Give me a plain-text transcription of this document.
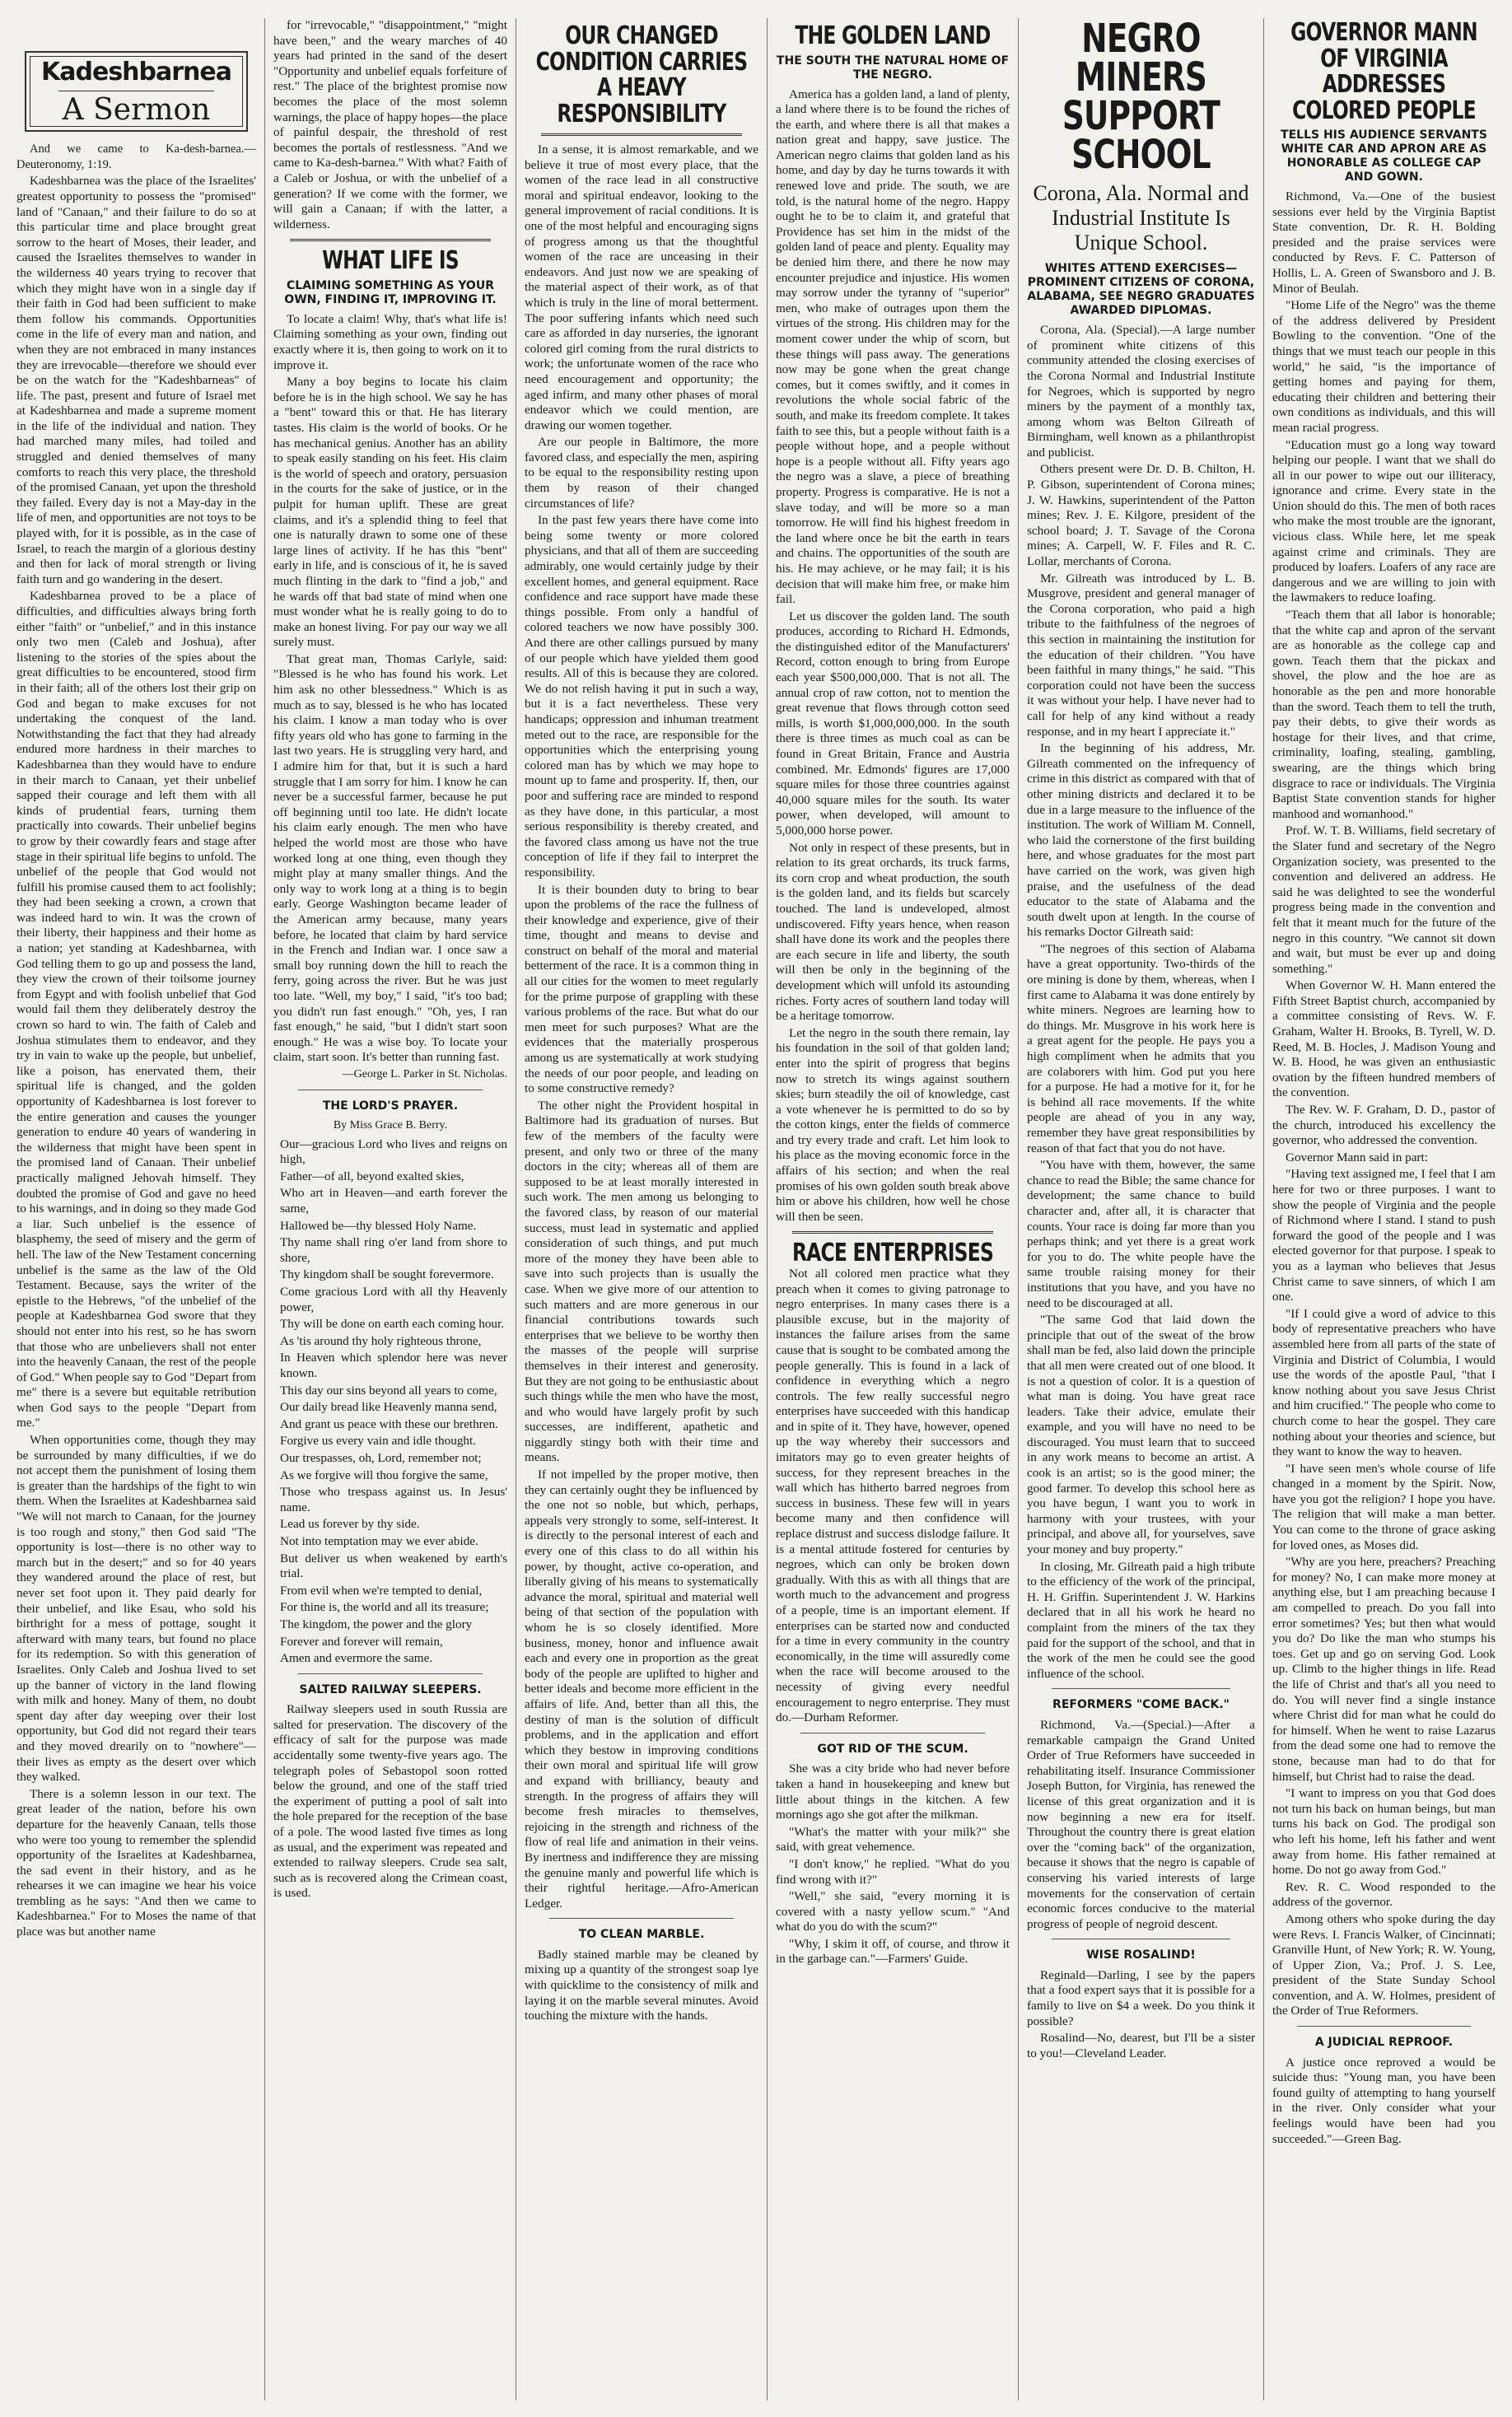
Kadeshbarnea
A Sermon

And we came to Ka-desh-barnea.—Deuteronomy, 1:19.

Kadeshbarnea was the place of the Israelites' greatest opportunity to possess the "promised" land of "Canaan," and their failure to do so at this particular time and place brought great sorrow to the heart of Moses, their leader, and caused the Israelites themselves to wander in the wilderness 40 years trying to recover that which they might have won in a single day if their faith in God had been sufficient to make them follow his commands. Opportunities come in the life of every man and nation, and when they are not embraced in many instances they are irrevocable—therefore we should ever be on the watch for the "Kadeshbarneas" of life. The past, present and future of Israel met at Kadeshbarnea and made a supreme moment in the life of the individual and nation. They had marched many miles, had toiled and struggled and denied themselves of many comforts to reach this very place, the threshold of the promised Canaan, yet upon the threshold they failed. Every day is not a May-day in the life of men, and opportunities are not toys to be played with, for it is possible, as in the case of Israel, to reach the margin of a glorious destiny and then for lack of moral strength or living faith turn and go wandering in the desert.

Kadeshbarnea proved to be a place of difficulties, and difficulties always bring forth either "faith" or "unbelief," and in this instance only two men (Caleb and Joshua), after listening to the stories of the spies about the great difficulties to be encountered, stood firm in their faith; all of the others lost their grip on God and began to make excuses for not undertaking the conquest of the land. Notwithstanding the fact that they had already endured more hardness in their marches to Kadeshbarnea than they would have to endure in their march to Canaan, yet their unbelief sapped their courage and left them with all kinds of prudential fears, turning them practically into cowards. Their unbelief begins to grow by their cowardly fears and stage after stage in their spiritual life begins to unfold. The unbelief of the people that God would not fulfill his promise caused them to act foolishly; they had been seeking a crown, a crown that was indeed hard to win. It was the crown of their liberty, their happiness and their home as a nation; yet standing at Kadeshbarnea, with God telling them to go up and possess the land, they view the crown of their toilsome journey from Egypt and with foolish unbelief that God would fail them they deliberately destroy the crown so hard to win. The faith of Caleb and Joshua stimulates them to endeavor, and they try in vain to wake up the people, but unbelief, like a poison, has enervated them, their spiritual life is changed, and the golden opportunity of Kadeshbarnea is lost forever to the entire generation and causes the younger generation to endure 40 years of wandering in the wilderness that might have been spent in the promised land of Canaan. Their unbelief practically maligned Jehovah himself. They doubted the promise of God and gave no heed to his warnings, and in doing so they made God a liar. Such unbelief is the essence of blasphemy, the seed of misery and the germ of hell. The law of the New Testament concerning unbelief is the same as the law of the Old Testament. Because, says the writer of the epistle to the Hebrews, "of the unbelief of the people at Kadeshbarnea God swore that they should not enter into his rest, so he has sworn that those who are unbelievers shall not enter into the heavenly Canaan, the rest of the people of God." When people say to God "Depart from me" there is a severe but equitable retribution when God says to the people "Depart from me."

When opportunities come, though they may be surrounded by many difficulties, if we do not accept them the punishment of losing them is greater than the hardships of the fight to win them. When the Israelites at Kadeshbarnea said "We will not march to Canaan, for the journey is too rough and stony," then God said "The opportunity is lost—there is no other way to march but in the desert;" and so for 40 years they wandered around the place of rest, but never set foot upon it. They paid dearly for their unbelief, and like Esau, who sold his birthright for a mess of pottage, sought it afterward with many tears, but found no place for its redemption. So with this generation of Israelites. Only Caleb and Joshua lived to set up the banner of victory in the land flowing with milk and honey. Many of them, no doubt spent day after day weeping over their lost opportunity, but God did not regard their tears and they moved drearily on to "nowhere"—their lives as empty as the desert over which they walked.

There is a solemn lesson in our text. The great leader of the nation, before his own departure for the heavenly Canaan, tells those who were too young to remember the splendid opportunity of the Israelites at Kadeshbarnea, the sad event in their history, and as he rehearses it we can imagine we hear his voice trembling as he says: "And then we came to Kadeshbarnea." For to Moses the name of that place was but another name

for "irrevocable," "disappointment," "might have been," and the weary marches of 40 years had printed in the sand of the desert "Opportunity and unbelief equals forfeiture of rest." The place of the brightest promise now becomes the place of the most solemn warnings, the place of happy hopes—the place of painful despair, the threshold of rest becomes the portals of restlessness. "And we came to Ka-desh-barnea." With what? Faith of a Caleb or Joshua, or with the unbelief of a generation? If we come with the former, we will gain a Canaan; if with the latter, a wilderness.

WHAT LIFE IS
CLAIMING SOMETHING AS YOUR OWN, FINDING IT, IMPROVING IT.

To locate a claim! Why, that's what life is! Claiming something as your own, finding out exactly where it is, then going to work on it to improve it.

Many a boy begins to locate his claim before he is in the high school. We say he has a "bent" toward this or that. He has literary tastes. His claim is the world of books. Or he has mechanical genius. Another has an ability to speak easily standing on his feet. His claim is the world of speech and oratory, persuasion in the courts for the sake of justice, or in the pulpit for human uplift. These are great claims, and it's a splendid thing to feel that one is naturally drawn to some one of these large lines of activity. If he has this "bent" early in life, and is conscious of it, he is saved much flinting in the dark to "find a job," and he wards off that bad state of mind when one must wonder what he is really going to do to make an honest living. For pay our way we all surely must.

That great man, Thomas Carlyle, said: "Blessed is he who has found his work. Let him ask no other blessedness." Which is as much as to say, blessed is he who has located his claim. I know a man today who is over fifty years old who has gone to farming in the last two years. He is struggling very hard, and I admire him for that, but it is such a hard struggle that I am sorry for him. I know he can never be a successful farmer, because he put off beginning until too late. He didn't locate his claim early enough. The men who have helped the world most are those who have worked long at one thing, even though they might play at many smaller things. And the only way to work long at a thing is to begin early. George Washington became leader of the American army because, many years before, he located that claim by hard service in the French and Indian war. I once saw a small boy running down the hill to reach the ferry, going across the river. But he was just too late. "Well, my boy," I said, "it's too bad; you didn't run fast enough." "Oh, yes, I ran fast enough," he said, "but I didn't start soon enough." He was a wise boy. To locate your claim, start soon. It's better than running fast.

—George L. Parker in St. Nicholas.
THE LORD'S PRAYER.
By Miss Grace B. Berry.

Our—gracious Lord who lives and reigns on high,

Father—of all, beyond exalted skies,

Who art in Heaven—and earth forever the same,

Hallowed be—thy blessed Holy Name.

Thy name shall ring o'er land from shore to shore,

Thy kingdom shall be sought forevermore.

Come gracious Lord with all thy Heavenly power,

Thy will be done on earth each coming hour.

As 'tis around thy holy righteous throne,

In Heaven which splendor here was never known.

This day our sins beyond all years to come,

Our daily bread like Heavenly manna send,

And grant us peace with these our brethren.

Forgive us every vain and idle thought.

Our trespasses, oh, Lord, remember not;

As we forgive will thou forgive the same,

Those who trespass against us. In Jesus' name.

Lead us forever by thy side.

Not into temptation may we ever abide.

But deliver us when weakened by earth's trial.

From evil when we're tempted to denial,

For thine is, the world and all its treasure;

The kingdom, the power and the glory

Forever and forever will remain,

Amen and evermore the same.

SALTED RAILWAY SLEEPERS.

Railway sleepers used in south Russia are salted for preservation. The discovery of the efficacy of salt for the purpose was made accidentally some twenty-five years ago. The telegraph poles of Sebastopol soon rotted below the ground, and one of the staff tried the experiment of putting a pool of salt into the hole prepared for the reception of the base of a pole. The wood lasted five times as long as usual, and the experiment was repeated and extended to railway sleepers. Crude sea salt, such as is recovered along the Crimean coast, is used.

OUR CHANGED CONDITION CARRIES A HEAVY RESPONSIBILITY

In a sense, it is almost remarkable, and we believe it true of most every place, that the women of the race lead in all constructive moral and spiritual endeavor, looking to the general improvement of racial conditions. It is one of the most helpful and encouraging signs of progress among us that the thoughtful women of the race are unceasing in their endeavors. And just now we are speaking of the material aspect of their work, as of that which is truly in the line of moral betterment. The poor suffering infants which need such care as afforded in day nurseries, the ignorant colored girl coming from the rural districts to work; the unfortunate women of the race who need encouragement and opportunity; the aged infirm, and many other phases of moral endeavor which we could mention, are drawing our women together.

Are our people in Baltimore, the more favored class, and especially the men, aspiring to be equal to the responsibility resting upon them by reason of their changed circumstances of life?

In the past few years there have come into being some twenty or more colored physicians, and that all of them are succeeding admirably, one would certainly judge by their excellent homes, and general equipment. Race confidence and race support have made these things possible. From only a handful of colored teachers we now have possibly 300. And there are other callings pursued by many of our people which have yielded them good results. All of this is because they are colored. We do not relish having it put in such a way, but it is a fact nevertheless. These very handicaps; oppression and inhuman treatment meted out to the race, are responsible for the opportunities which the enterprising young colored man has by which we may hope to mount up to fame and prosperity. If, then, our poor and suffering race are minded to respond as they have done, in this particular, a most serious responsibility is thereby created, and the favored class among us have not the true conception of life if they fail to interpret the responsibility.

It is their bounden duty to bring to bear upon the problems of the race the fullness of their knowledge and experience, give of their time, thought and means to devise and construct on behalf of the moral and material betterment of the race. It is a common thing in all our cities for the women to meet regularly for the prime purpose of grappling with these various problems of the race. But what do our men meet for such purposes? What are the evidences that the materially prosperous among us are systematically at work studying the needs of our poor people, and leading on to some constructive remedy?

The other night the Provident hospital in Baltimore had its graduation of nurses. But few of the members of the faculty were present, and only two or three of the many doctors in the city; whereas all of them are supposed to be at least morally interested in such work. The men among us belonging to the favored class, by reason of our material success, must lead in systematic and applied consideration of such things, and put much more of the money they have been able to save into such projects than is usually the case. When we give more of our attention to such matters and are more generous in our financial contributions towards such enterprises that we believe to be worthy then the masses of the people will surprise themselves in their interest and generosity. But they are not going to be enthusiastic about such things while the men who have the most, and who would have largely profit by such successes, are indifferent, apathetic and niggardly stingy both with their time and means.

If not impelled by the proper motive, then they can certainly ought they be influenced by the one not so noble, but which, perhaps, appeals very strongly to some, self-interest. It is directly to the personal interest of each and every one of this class to do all within his power, by thought, active co-operation, and liberally giving of his means to systematically advance the moral, spiritual and material well being of that section of the population with whom he is so closely identified. More business, money, honor and influence await each and every one in proportion as the great body of the people are uplifted to higher and better ideals and become more efficient in the affairs of life. And, better than all this, the destiny of man is the solution of difficult problems, and in the application and effort which they bestow in improving conditions their own moral and spiritual life will grow and expand with brilliancy, beauty and strength. In the progress of affairs they will become fresh miracles to themselves, rejoicing in the strength and richness of the flow of real life and animation in their veins. By inertness and indifference they are missing the genuine manly and powerful life which is their rightful heritage.—Afro-American Ledger.

TO CLEAN MARBLE.

Badly stained marble may be cleaned by mixing up a quantity of the strongest soap lye with quicklime to the consistency of milk and laying it on the marble several minutes. Avoid touching the mixture with the hands.

THE GOLDEN LAND
THE SOUTH THE NATURAL HOME OF THE NEGRO.

America has a golden land, a land of plenty, a land where there is to be found the riches of the earth, and where there is all that makes a nation great and happy, save justice. The American negro claims that golden land as his home, and day by day he turns towards it with renewed love and pride. The south, we are told, is the natural home of the negro. Happy ought he to be to claim it, and grateful that Providence has set him in the midst of the golden land of peace and plenty. Equality may be denied him there, and there he now may encounter prejudice and injustice. His women may sorrow under the tyranny of "superior" men, who make of outrages upon them the virtues of the strong. His children may for the moment cower under the whip of scorn, but these things will pass away. The generations now may be gone when the great change comes, but it comes swiftly, and it comes in revolutions the whole social fabric of the south, and make its freedom complete. It takes faith to see this, but a people without faith is a people without hope, and a people without hope is a people without all. Fifty years ago the negro was a slave, a piece of breathing property. Progress is comparative. He is not a slave today, and will be more so a man tomorrow. He will find his highest freedom in the land where once he bit the earth in tears and chains. The opportunities of the south are his. He may achieve, or he may fail; it is his decision that will make him free, or make him fail.

Let us discover the golden land. The south produces, according to Richard H. Edmonds, the distinguished editor of the Manufacturers' Record, cotton enough to bring from Europe each year $500,000,000. That is not all. The annual crop of raw cotton, not to mention the great revenue that flows through cotton seed mills, is worth $1,000,000,000. In the south there is three times as much coal as can be found in Great Britain, France and Austria combined. Mr. Edmonds' figures are 17,000 square miles for those three countries against 40,000 square miles for the south. Its water power, when developed, will amount to 5,000,000 horse power.

Not only in respect of these presents, but in relation to its great orchards, its truck farms, its corn crop and wheat production, the south is the golden land, and its fields but scarcely touched. The land is undeveloped, almost undiscovered. Fifty years hence, when reason shall have done its work and the peoples there are each secure in life and liberty, the south will then be only in the beginning of the development which will unfold its astounding riches. Forty acres of southern land today will be a heritage tomorrow.

Let the negro in the south there remain, lay his foundation in the soil of that golden land; enter into the spirit of progress that begins now to stretch its wings against southern skies; burn steadily the oil of knowledge, cast a vote whenever he is permitted to do so by the cotton kings, enter the fields of commerce and try every trade and craft. Let him look to his place as the moving economic force in the affairs of his section; and when the real promises of his own golden south break above him or above his children, how well he chose will then be seen.

RACE ENTERPRISES

Not all colored men practice what they preach when it comes to giving patronage to negro enterprises. In many cases there is a plausible excuse, but in the majority of instances the failure arises from the same cause that is sought to be combated among the people generally. This is found in a lack of confidence in everything which a negro controls. The few really successful negro enterprises have succeeded with this handicap and in spite of it. They have, however, opened up the way whereby their successors and imitators may go to even greater heights of success, for they represent breaches in the wall which has hitherto barred negroes from success in business. These few will in years become many and then confidence will replace distrust and success dislodge failure. It is a mental attitude fostered for centuries by negroes, which can only be broken down gradually. With this as with all things that are worth much to the advancement and progress of a people, time is an important element. If enterprises can be started now and conducted for a time in every community in the country economically, in the time will assuredly come when the race will become aroused to the necessity of giving every needful encouragement to negro enterprise. They must do.—Durham Reformer.

GOT RID OF THE SCUM.

She was a city bride who had never before taken a hand in housekeeping and knew but little about things in the kitchen. A few mornings ago she got after the milkman.

"What's the matter with your milk?" she said, with great vehemence.

"I don't know," he replied. "What do you find wrong with it?"

"Well," she said, "every morning it is covered with a nasty yellow scum." "And what do you do with the scum?"

"Why, I skim it off, of course, and throw it in the garbage can."—Farmers' Guide.

NEGRO MINERS SUPPORT SCHOOL
Corona, Ala. Normal and Industrial Institute Is Unique School.
WHITES ATTEND EXERCISES—PROMINENT CITIZENS OF CORONA, ALABAMA, SEE NEGRO GRADUATES AWARDED DIPLOMAS.

Corona, Ala. (Special).—A large number of prominent white citizens of this community attended the closing exercises of the Corona Normal and Industrial Institute for Negroes, which is supported by negro miners by the payment of a monthly tax, among whom was Belton Gilreath of Birmingham, well known as a philanthropist and publicist.

Others present were Dr. D. B. Chilton, H. P. Gibson, superintendent of Corona mines; J. W. Hawkins, superintendent of the Patton mines; Rev. J. E. Kilgore, president of the school board; J. T. Savage of the Corona mines; A. Carpell, W. F. Files and R. C. Lollar, merchants of Corona.

Mr. Gilreath was introduced by L. B. Musgrove, president and general manager of the Corona corporation, who paid a high tribute to the faithfulness of the negroes of this section in maintaining the institution for the education of their children. "You have been faithful in many things," he said. "This corporation could not have been the success it was without your help. I have never had to call for help of any kind without a ready response, and in my heart I appreciate it."

In the beginning of his address, Mr. Gilreath commented on the infrequency of crime in this district as compared with that of other mining districts and declared it to be due in a large measure to the influence of the institution. The work of William M. Connell, who laid the cornerstone of the first building here, and whose graduates for the most part have carried on the work, was given high praise, and the usefulness of the dead educator to the state of Alabama and the south dwelt upon at length. In the course of his remarks Doctor Gilreath said:

"The negroes of this section of Alabama have a great opportunity. Two-thirds of the ore mining is done by them, whereas, when I first came to Alabama it was done entirely by white miners. Negroes are learning how to do things. Mr. Musgrove in his work here is a great agent for the people. He pays you a high compliment when he admits that you are colaborers with him. God put you here for a purpose. He had a motive for it, for he is behind all race movements. If the white people are ahead of you in any way, remember they have great responsibilities by reason of that fact that you do not have.

"You have with them, however, the same chance to read the Bible; the same chance for development; the same chance to build character and, after all, it is character that counts. Your race is doing far more than you perhaps think; and yet there is a great work for you to do. The white people have the same trouble raising money for their institutions that you have, and you have no need to be discouraged at all.

"The same God that laid down the principle that out of the sweat of the brow shall man be fed, also laid down the principle that all men were created out of one blood. It is not a question of color. It is a question of what man is doing. You have great race leaders. Take their advice, emulate their example, and you will have no need to be discouraged. You must learn that to succeed in any work means to become an artist. A cook is an artist; so is the good miner; the good farmer. To develop this school here as you have begun, I want you to work in harmony with your trustees, with your principal, and above all, for yourselves, save your money and buy property."

In closing, Mr. Gilreath paid a high tribute to the efficiency of the work of the principal, H. H. Griffin. Superintendent J. W. Harkins declared that in all his work he heard no complaint from the miners of the tax they paid for the support of the school, and that in the work of the men he could see the good influence of the school.

REFORMERS "COME BACK."

Richmond, Va.—(Special.)—After a remarkable campaign the Grand United Order of True Reformers have succeeded in rehabilitating itself. Insurance Commissioner Joseph Button, for Virginia, has renewed the license of this great organization and it is now beginning a new era for itself. Throughout the country there is great elation over the "coming back" of the organization, because it shows that the negro is capable of conserving his varied interests of large movements for the conservation of certain economic forces conducive to the material progress of people of negroid descent.

WISE ROSALIND!

Reginald—Darling, I see by the papers that a food expert says that it is possible for a family to live on $4 a week. Do you think it possible?

Rosalind—No, dearest, but I'll be a sister to you!—Cleveland Leader.

GOVERNOR MANN OF VIRGINIA ADDRESSES COLORED PEOPLE
TELLS HIS AUDIENCE SERVANTS WHITE CAR AND APRON ARE AS HONORABLE AS COLLEGE CAP AND GOWN.

Richmond, Va.—One of the busiest sessions ever held by the Virginia Baptist State convention, Dr. R. H. Bolding presided and the praise services were conducted by Revs. F. C. Patterson of Hollis, L. A. Green of Swansboro and J. B. Minor of Beulah.

"Home Life of the Negro" was the theme of the address delivered by President Bowling to the convention. "One of the things that we must teach our people in this world," he said, "is the importance of getting homes and paying for them, educating their children and bettering their own conditions as individuals, and this will mean racial progress.

"Education must go a long way toward helping our people. I want that we shall do all in our power to wipe out our illiteracy, ignorance and crime. Every state in the Union should do this. The men of both races who make the most trouble are the ignorant, vicious class. While here, let me speak against crime and criminals. They are produced by loafers. Loafers of any race are dangerous and we are willing to join with the lawmakers to reduce loafing.

"Teach them that all labor is honorable; that the white cap and apron of the servant are as honorable as the college cap and gown. Teach them that the pickax and shovel, the plow and the hoe are as honorable as the pen and more honorable than the sword. Teach them to tell the truth, pay their debts, to give their words as hostage for their lives, and that crime, criminality, loafing, stealing, gambling, swearing, are the things which bring disgrace to race or individuals. The Virginia Baptist State convention stands for higher manhood and womanhood."

Prof. W. T. B. Williams, field secretary of the Slater fund and secretary of the Negro Organization society, was presented to the convention and delivered an address. He said he was delighted to see the wonderful progress being made in the convention and felt that it meant much for the future of the negro in this country. "We cannot sit down and wait, but must be ever up and doing something."

When Governor W. H. Mann entered the Fifth Street Baptist church, accompanied by a committee consisting of Revs. W. F. Graham, Walter H. Brooks, B. Tyrell, W. D. Reed, M. B. Hocles, J. Madison Young and W. B. Hood, he was given an enthusiastic ovation by the fifteen hundred members of the convention.

The Rev. W. F. Graham, D. D., pastor of the church, introduced his excellency the governor, who addressed the convention.

Governor Mann said in part:

"Having text assigned me, I feel that I am here for two or three purposes. I want to show the people of Virginia and the people of Richmond where I stand. I stand to push forward the good of the people and I was elected governor for that purpose. I speak to you as a layman who believes that Jesus Christ came to save sinners, of which I am one.

"If I could give a word of advice to this body of representative preachers who have assembled here from all parts of the state of Virginia and District of Columbia, I would use the words of the apostle Paul, "that I know nothing about you save Jesus Christ and him crucified." The people who come to church come to hear the gospel. They care nothing about your theories and science, but they want to know the way to heaven.

"I have seen men's whole course of life changed in a moment by the Spirit. Now, have you got the religion? I hope you have. The religion that will make a man better. You can come to the throne of grace asking for loved ones, as Moses did.

"Why are you here, preachers? Preaching for money? No, I can make more money at anything else, but I am preaching because I am compelled to preach. Do you fall into error sometimes? Yes; but then what would you do? Do like the man who stumps his toes. Get up and go on serving God. Look up. Climb to the higher things in life. Read the life of Christ and that's all you need to do. You will never find a single instance where Christ did for man what he could do for himself. When he went to raise Lazarus from the dead some one had to remove the stone, because man had to do that for himself, but Christ had to raise the dead.

"I want to impress on you that God does not turn his back on human beings, but man turns his back on God. The prodigal son who left his home, left his father and went away from home. His father remained at home. Do not go away from God."

Rev. R. C. Wood responded to the address of the governor.

Among others who spoke during the day were Revs. I. Francis Walker, of Cincinnati; Granville Hunt, of New York; R. W. Young, of Upper Zion, Va.; Prof. J. S. Lee, president of the State Sunday School convention, and A. W. Holmes, president of the Order of True Reformers.

A JUDICIAL REPROOF.

A justice once reproved a would be suicide thus: "Young man, you have been found guilty of attempting to hang yourself in the river. Only consider what your feelings would have been had you succeeded."—Green Bag.
